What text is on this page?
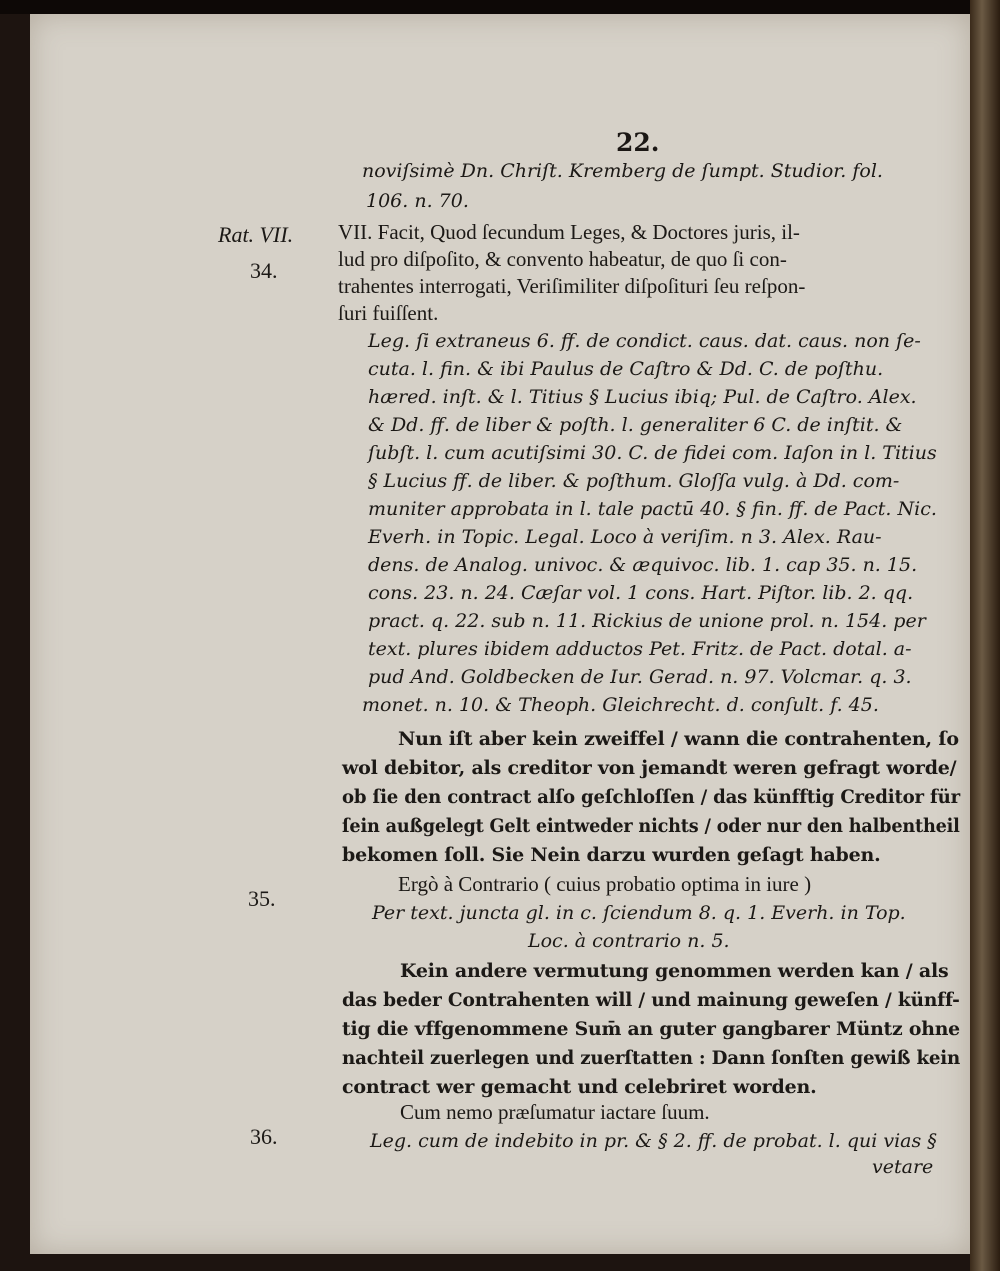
22.
Rat. VII.
34.
35.
36.
noviſsimè Dn. Chriſt. Kremberg de ſumpt. Studior. fol.
106. n. 70.
VII. Facit, Quod ſecundum Leges, & Doctores juris, il-
lud pro diſpoſito, & convento habeatur, de quo ſi con-
trahentes interrogati, Veriſimiliter diſpoſituri ſeu reſpon-
ſuri fuiſſent.
Leg. ſi extraneus 6. ff. de condict. caus. dat. caus. non ſe-
cuta. l. fin. & ibi Paulus de Caſtro & Dd. C. de poſthu.
hæred. inſt. & l. Titius § Lucius ibiq; Pul. de Caſtro. Alex.
& Dd. ff. de liber & poſth. l. generaliter 6 C. de inſtit. &
ſubſt. l. cum acutiſsimi 30. C. de fidei com. Iaſon in l. Titius
§ Lucius ff. de liber. & poſthum. Gloſſa vulg. à Dd. com-
muniter approbata in l. tale pactū 40. § fin. ff. de Pact. Nic.
Everh. in Topic. Legal. Loco à veriſim. n 3. Alex. Rau-
dens. de Analog. univoc. & æquivoc. lib. 1. cap 35. n. 15.
cons. 23. n. 24. Cæſar vol. 1 cons. Hart. Piſtor. lib. 2. qq.
pract. q. 22. sub n. 11. Rickius de unione prol. n. 154. per
text. plures ibidem adductos Pet. Fritz. de Pact. dotal. a-
pud And. Goldbecken de Iur. Gerad. n. 97. Volcmar. q. 3.
monet. n. 10. & Theoph. Gleichrecht. d. conſult. f. 45.
Nun iſt aber kein zweiffel / wann die contrahenten, ſo
wol debitor, als creditor von jemandt weren gefragt worde/
ob ſie den contract alſo geſchloſſen / das künfftig Creditor für
ſein außgelegt Gelt eintweder nichts / oder nur den halbentheil
bekomen ſoll. Sie Nein darzu wurden geſagt haben.
Ergò à Contrario ( cuius probatio optima in iure )
Per text. juncta gl. in c. ſciendum 8. q. 1. Everh. in Top.
Loc. à contrario n. 5.
Kein andere vermutung genommen werden kan / als
das beder Contrahenten will / und mainung geweſen / künff-
tig die vffgenommene Sum̄ an guter gangbarer Müntz ohne
nachteil zuerlegen und zuerſtatten : Dann ſonſten gewiß kein
contract wer gemacht und celebriret worden.
Cum nemo præſumatur iactare ſuum.
Leg. cum de indebito in pr. & § 2. ff. de probat. l. qui vias §
vetare
